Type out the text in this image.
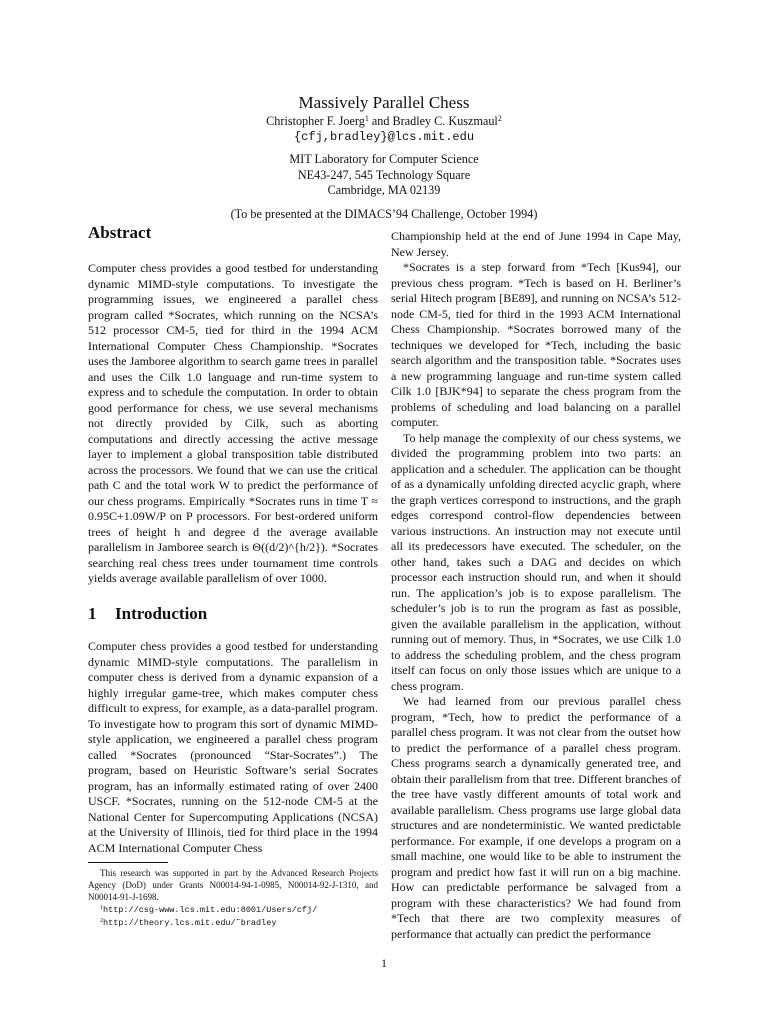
Massively Parallel Chess
Christopher F. Joerg$^1$ and Bradley C. Kuszmaul$^2$
{cfj,bradley}@lcs.mit.edu
MIT Laboratory for Computer Science
NE43-247, 545 Technology Square
Cambridge, MA 02139
(To be presented at the DIMACS’94 Challenge, October 1994)
Abstract

Computer chess provides a good testbed for understanding dynamic MIMD-style computations. To investigate the programming issues, we engineered a parallel chess program called *Socrates, which running on the NCSA’s 512 processor CM-5, tied for third in the 1994 ACM International Computer Chess Championship. *Socrates uses the Jamboree algorithm to search game trees in parallel and uses the Cilk 1.0 language and run-time system to express and to schedule the computation. In order to obtain good performance for chess, we use several mechanisms not directly provided by Cilk, such as aborting computations and directly accessing the active message layer to implement a global transposition table distributed across the processors. We found that we can use the critical path C and the total work W to predict the performance of our chess programs. Empirically *Socrates runs in time T ≈ 0.95C+1.09W/P on P processors. For best-ordered uniform trees of height h and degree d the average available parallelism in Jamboree search is Θ((d/2)^{h/2}). *Socrates searching real chess trees under tournament time controls yields average available parallelism of over 1000.

1 Introduction

Computer chess provides a good testbed for understanding dynamic MIMD-style computations. The parallelism in computer chess is derived from a dynamic expansion of a highly irregular game-tree, which makes computer chess difficult to express, for example, as a data-parallel program. To investigate how to program this sort of dynamic MIMD-style application, we engineered a parallel chess program called *Socrates (pronounced “Star-Socrates”.) The program, based on Heuristic Software’s serial Socrates program, has an informally estimated rating of over 2400 USCF. *Socrates, running on the 512-node CM-5 at the National Center for Supercomputing Applications (NCSA) at the University of Illinois, tied for third place in the 1994 ACM International Computer Chess

This research was supported in part by the Advanced Research Projects Agency (DoD) under Grants N00014-94-1-0985, N00014-92-J-1310, and N00014-91-J-1698.

$^1$http://csg-www.lcs.mit.edu:8001/Users/cfj/

$^2$http://theory.lcs.mit.edu/˜bradley

Championship held at the end of June 1994 in Cape May, New Jersey.

*Socrates is a step forward from *Tech [Kus94], our previous chess program. *Tech is based on H. Berliner’s serial Hitech program [BE89], and running on NCSA’s 512-node CM-5, tied for third in the 1993 ACM International Chess Championship. *Socrates borrowed many of the techniques we developed for *Tech, including the basic search algorithm and the transposition table. *Socrates uses a new programming language and run-time system called Cilk 1.0 [BJK*94] to separate the chess program from the problems of scheduling and load balancing on a parallel computer.

To help manage the complexity of our chess systems, we divided the programming problem into two parts: an application and a scheduler. The application can be thought of as a dynamically unfolding directed acyclic graph, where the graph vertices correspond to instructions, and the graph edges correspond control-flow dependencies between various instructions. An instruction may not execute until all its predecessors have executed. The scheduler, on the other hand, takes such a DAG and decides on which processor each instruction should run, and when it should run. The application’s job is to expose parallelism. The scheduler’s job is to run the program as fast as possible, given the available parallelism in the application, without running out of memory. Thus, in *Socrates, we use Cilk 1.0 to address the scheduling problem, and the chess program itself can focus on only those issues which are unique to a chess program.

We had learned from our previous parallel chess program, *Tech, how to predict the performance of a parallel chess program. It was not clear from the outset how to predict the performance of a parallel chess program. Chess programs search a dynamically generated tree, and obtain their parallelism from that tree. Different branches of the tree have vastly different amounts of total work and available parallelism. Chess programs use large global data structures and are nondeterministic. We wanted predictable performance. For example, if one develops a program on a small machine, one would like to be able to instrument the program and predict how fast it will run on a big machine. How can predictable performance be salvaged from a program with these characteristics? We had found from *Tech that there are two complexity measures of performance that actually can predict the performance

1
